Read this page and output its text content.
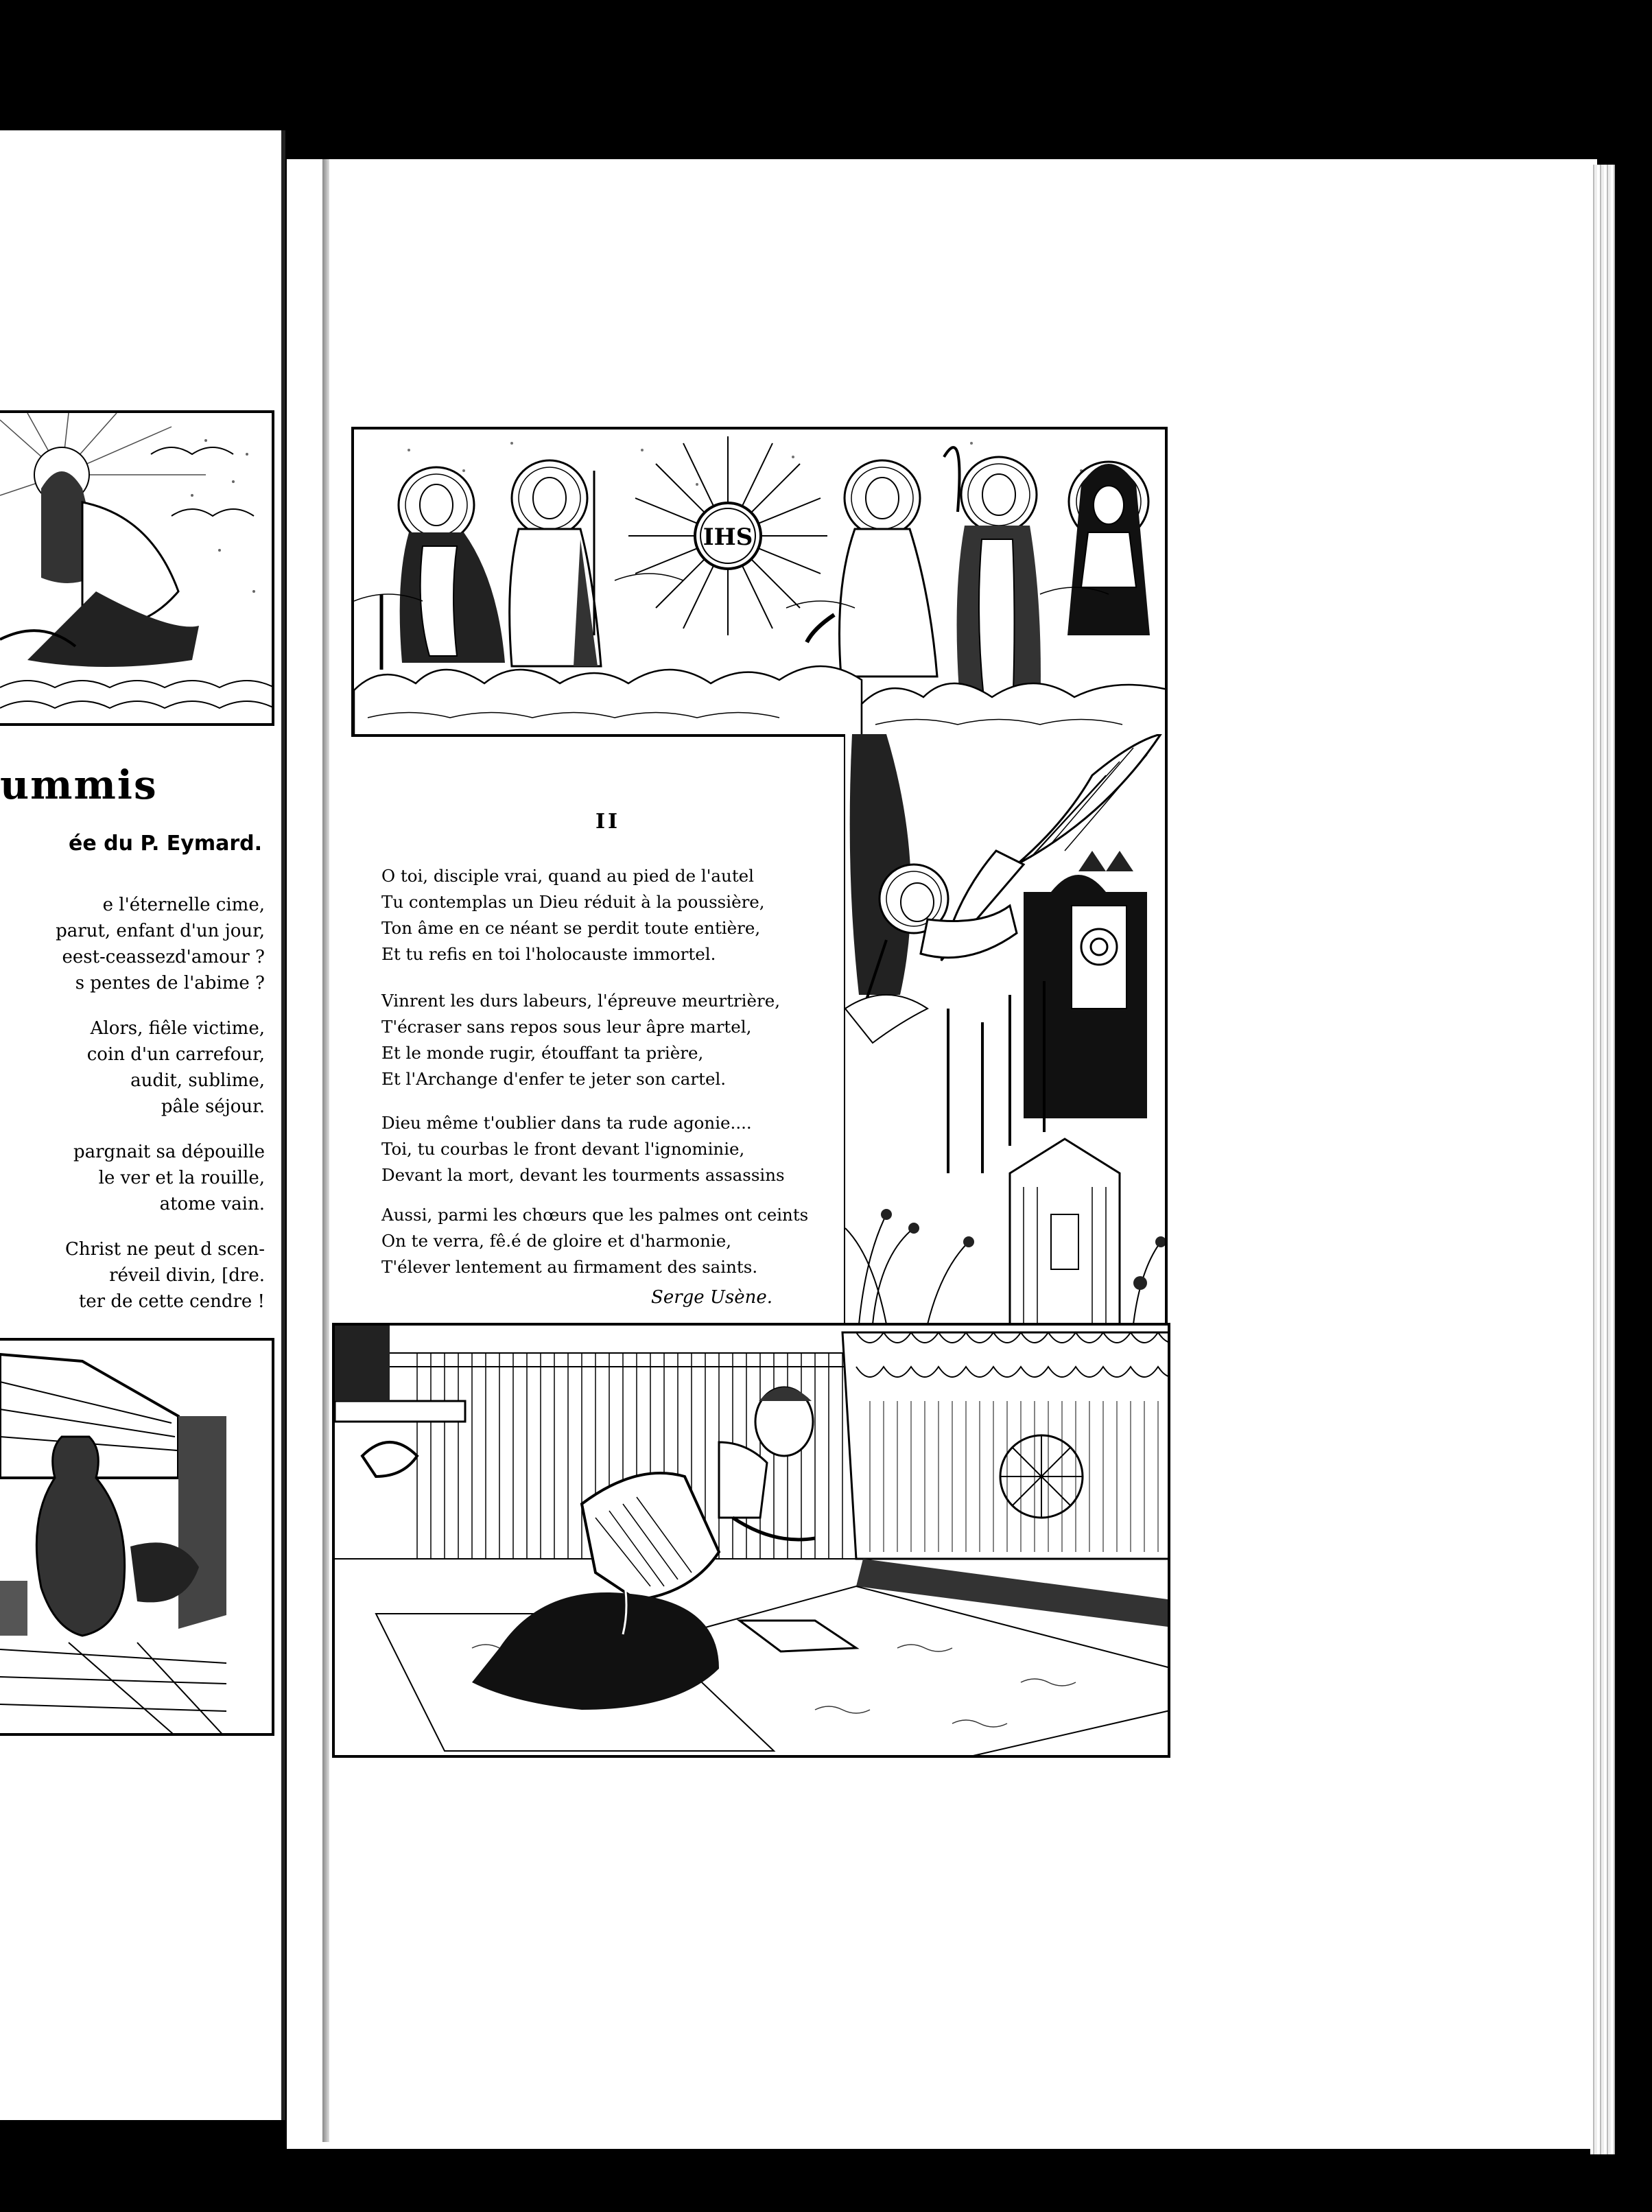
ummis
ée du P. Eymard.
e l'éternelle cime,
parut, enfant d'un jour,
eest-ceassezd'amour ?
s pentes de l'abime ?
Alors, fiêle victime,
coin d'un carrefour,
audit, sublime,
pâle séjour.
pargnait sa dépouille
le ver et la rouille,
atome vain.
Christ ne peut d scen-
réveil divin, [dre.
ter de cette cendre !
IHS
II
O toi, disciple vrai, quand au pied de l'autel
Tu contemplas un Dieu réduit à la poussière,
Ton âme en ce néant se perdit toute entière,
Et tu refis en toi l'holocauste immortel.
Vinrent les durs labeurs, l'épreuve meurtrière,
T'écraser sans repos sous leur âpre martel,
Et le monde rugir, étouffant ta prière,
Et l'Archange d'enfer te jeter son cartel.
Dieu même t'oublier dans ta rude agonie....
Toi, tu courbas le front devant l'ignominie,
Devant la mort, devant les tourments assassins
Aussi, parmi les chœurs que les palmes ont ceints
On te verra, fê.é de gloire et d'harmonie,
T'élever lentement au firmament des saints.
Serge Usène.
